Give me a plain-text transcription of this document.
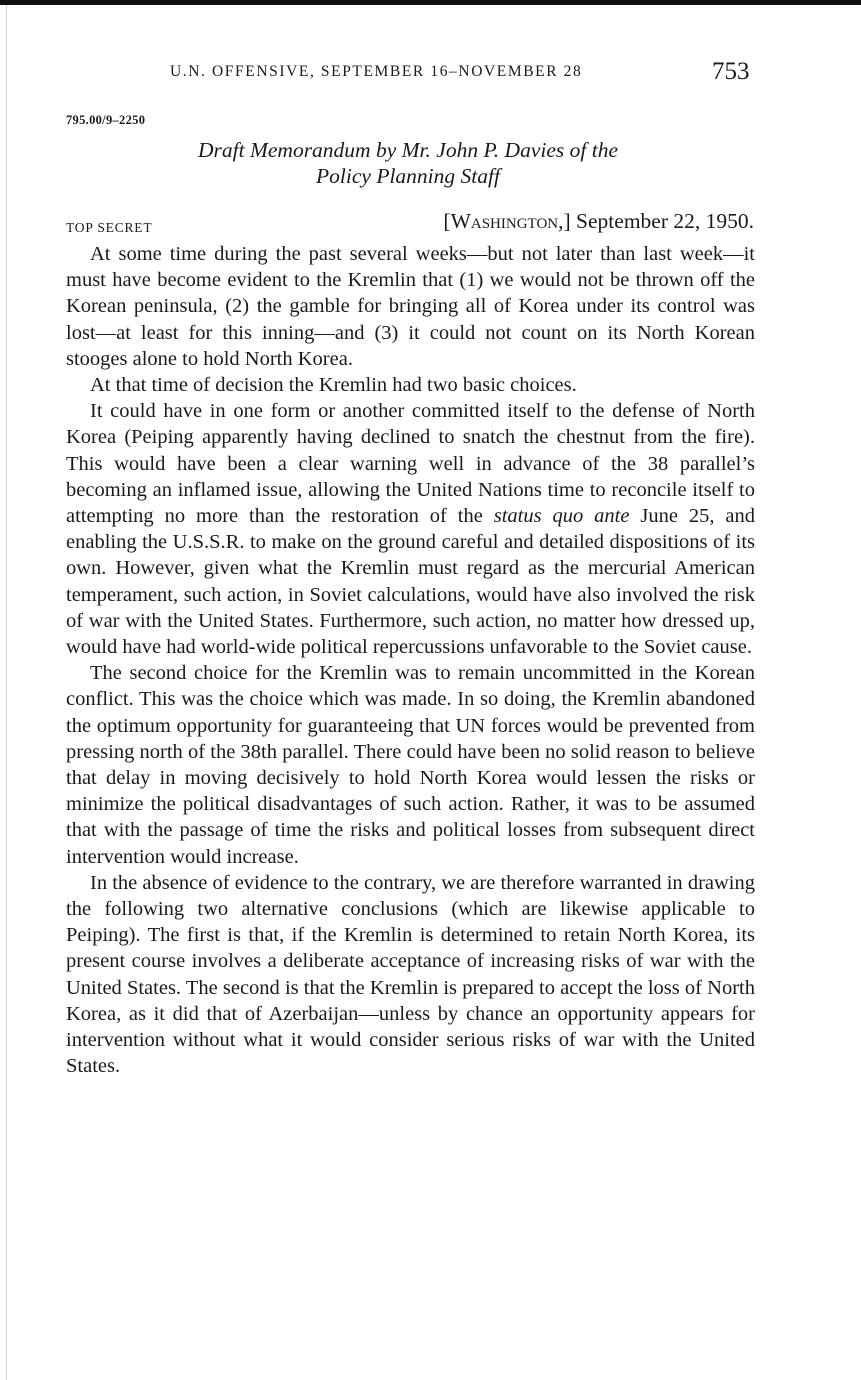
U.N. OFFENSIVE, SEPTEMBER 16–NOVEMBER 28	753
795.00/9–2250
Draft Memorandum by Mr. John P. Davies of the
Policy Planning Staff
TOP SECRET	[Washington,] September 22, 1950.

At some time during the past several weeks—but not later than last week—it must have become evident to the Kremlin that (1) we would not be thrown off the Korean peninsula, (2) the gamble for bringing all of Korea under its control was lost—at least for this inning—and (3) it could not count on its North Korean stooges alone to hold North Korea.

At that time of decision the Kremlin had two basic choices.

It could have in one form or another committed itself to the defense of North Korea (Peiping apparently having declined to snatch the chestnut from the fire). This would have been a clear warning well in advance of the 38 parallel’s becoming an inflamed issue, allowing the United Nations time to reconcile itself to attempting no more than the restoration of the status quo ante June 25, and enabling the U.S.S.R. to make on the ground careful and detailed dispositions of its own. However, given what the Kremlin must regard as the mercurial American temperament, such action, in Soviet calculations, would have also involved the risk of war with the United States. Furthermore, such action, no matter how dressed up, would have had world-wide political repercussions unfavorable to the Soviet cause.

The second choice for the Kremlin was to remain uncommitted in the Korean conflict. This was the choice which was made. In so doing, the Kremlin abandoned the optimum opportunity for guaranteeing that UN forces would be prevented from pressing north of the 38th parallel. There could have been no solid reason to believe that delay in moving decisively to hold North Korea would lessen the risks or minimize the political disadvantages of such action. Rather, it was to be assumed that with the passage of time the risks and political losses from subsequent direct intervention would increase.

In the absence of evidence to the contrary, we are therefore warranted in drawing the following two alternative conclusions (which are likewise applicable to Peiping). The first is that, if the Kremlin is determined to retain North Korea, its present course involves a deliberate acceptance of increasing risks of war with the United States. The second is that the Kremlin is prepared to accept the loss of North Korea, as it did that of Azerbaijan—unless by chance an opportunity appears for intervention without what it would consider serious risks of war with the United States.
